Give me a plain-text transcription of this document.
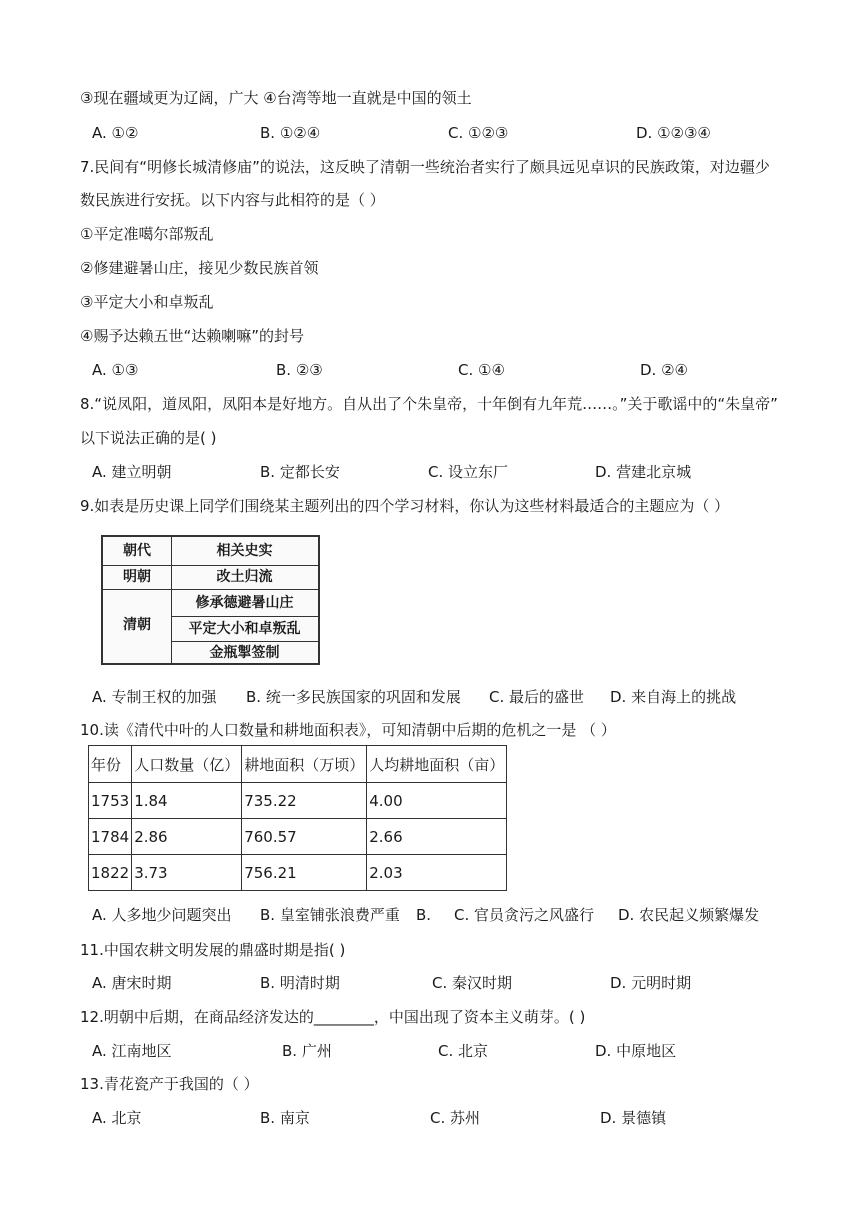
③现在疆域更为辽阔，广大 ④台湾等地一直就是中国的领土
A. ①②	B. ①②④	C. ①②③	D. ①②③④
7.民间有“明修长城清修庙”的说法，这反映了清朝一些统治者实行了颇具远见卓识的民族政策，对边疆少
数民族进行安抚。以下内容与此相符的是（ ）
①平定准噶尔部叛乱
②修建避暑山庄，接见少数民族首领
③平定大小和卓叛乱
④赐予达赖五世“达赖喇嘛”的封号
A. ①③	B. ②③	C. ①④	D. ②④
8.“说凤阳，道凤阳，凤阳本是好地方。自从出了个朱皇帝，十年倒有九年荒……。”关于歌谣中的“朱皇帝”
以下说法正确的是( )
A. 建立明朝	B. 定都长安	C. 设立东厂	D. 营建北京城
9.如表是历史课上同学们围绕某主题列出的四个学习材料，你认为这些材料最适合的主题应为（ ）
朝代	相关史实
明朝	改土归流
清朝
修承德避暑山庄
平定大小和卓叛乱
金瓶掣签制
A. 专制王权的加强 B. 统一多民族国家的巩固和发展 C. 最后的盛世 D. 来自海上的挑战
10.读《清代中叶的人口数量和耕地面积表》，可知清朝中后期的危机之一是 （ ）
年份	人口数量（亿）	耕地面积（万顷）	人均耕地面积（亩）
1753	1.84	735.22	4.00
1784	2.86	760.57	2.66
1822	3.73	756.21	2.03
A. 人多地少问题突出 B. 皇室铺张浪费严重 B. C. 官员贪污之风盛行 D. 农民起义频繁爆发
11.中国农耕文明发展的鼎盛时期是指( )
A. 唐宋时期	B. 明清时期	C. 秦汉时期	D. 元明时期
12.明朝中后期，在商品经济发达的________，中国出现了资本主义萌芽。( )
A. 江南地区	B. 广州	C. 北京	D. 中原地区
13.青花瓷产于我国的（ ）
A. 北京	B. 南京	C. 苏州	D. 景德镇
